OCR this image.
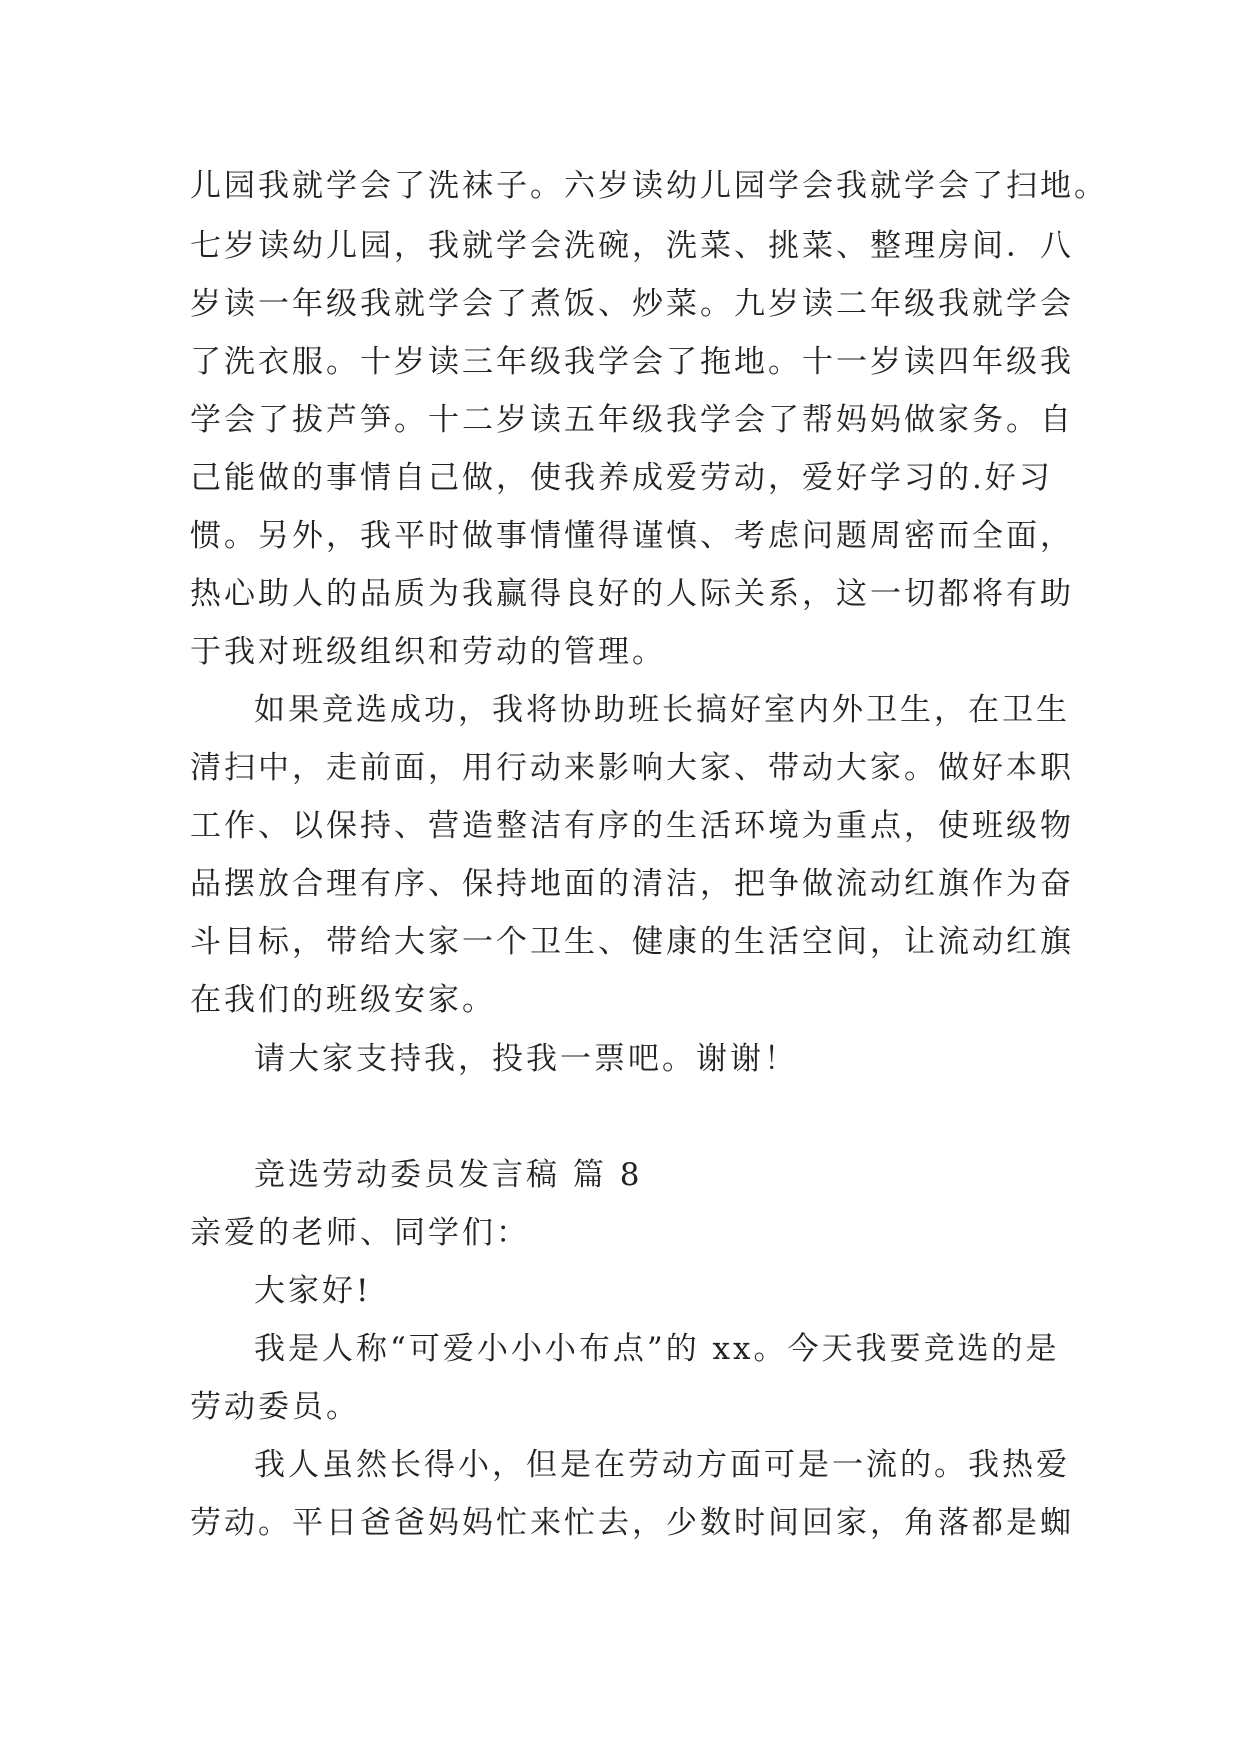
儿园我就学会了洗袜子。六岁读幼儿园学会我就学会了扫地。
七岁读幼儿园，我就学会洗碗，洗菜、挑菜、整理房间．八
岁读一年级我就学会了煮饭、炒菜。九岁读二年级我就学会
了洗衣服。十岁读三年级我学会了拖地。十一岁读四年级我
学会了拔芦笋。十二岁读五年级我学会了帮妈妈做家务。自
己能做的事情自己做，使我养成爱劳动，爱好学习的.好习
惯。另外，我平时做事情懂得谨慎、考虑问题周密而全面，
热心助人的品质为我赢得良好的人际关系，这一切都将有助
于我对班级组织和劳动的管理。
如果竞选成功，我将协助班长搞好室内外卫生，在卫生
清扫中，走前面，用行动来影响大家、带动大家。做好本职
工作、以保持、营造整洁有序的生活环境为重点，使班级物
品摆放合理有序、保持地面的清洁，把争做流动红旗作为奋
斗目标，带给大家一个卫生、健康的生活空间，让流动红旗
在我们的班级安家。
请大家支持我，投我一票吧。谢谢！
竞选劳动委员发言稿 篇 8
亲爱的老师、同学们：
大家好!
我是人称“可爱小小小布点”的 xx。今天我要竞选的是
劳动委员。
我人虽然长得小，但是在劳动方面可是一流的。我热爱
劳动。平日爸爸妈妈忙来忙去，少数时间回家，角落都是蜘
